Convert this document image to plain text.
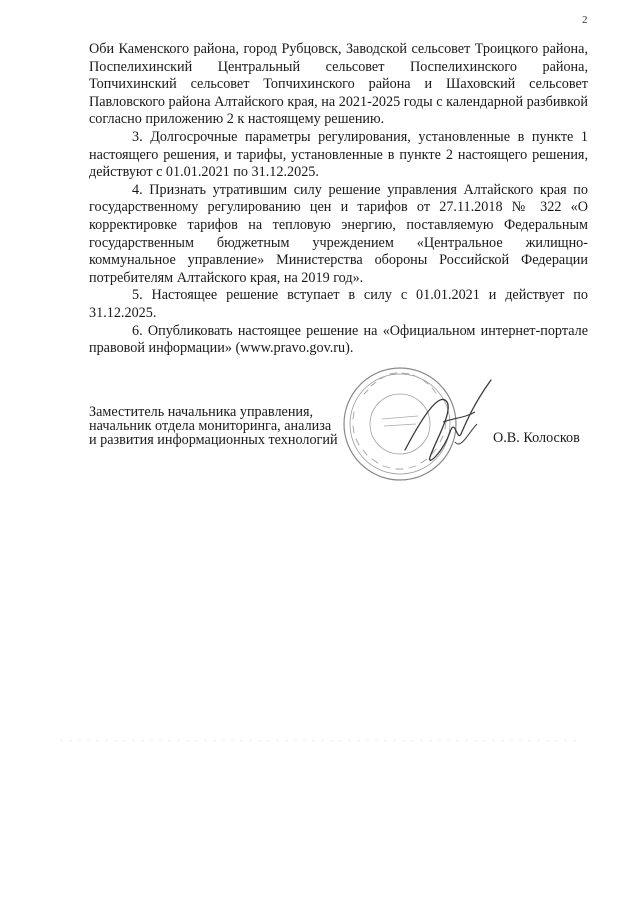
2

Оби Каменского района, город Рубцовск, Заводской сельсовет Троицкого района, Поспелихинский Центральный сельсовет Поспелихинского района, Топчихинский сельсовет Топчихинского района и Шаховский сельсовет Павловского района Алтайского края, на 2021-2025 годы с календарной разбивкой согласно приложению 2 к настоящему решению.

3. Долгосрочные параметры регулирования, установленные в пункте 1 настоящего решения, и тарифы, установленные в пункте 2 настоящего решения, действуют с 01.01.2021 по 31.12.2025.

4. Признать утратившим силу решение управления Алтайского края по государственному регулированию цен и тарифов от 27.11.2018 № 322 «О корректировке тарифов на тепловую энергию, поставляемую Федеральным государственным бюджетным учреждением «Центральное жилищно-коммунальное управление» Министерства обороны Российской Федерации потребителям Алтайского края, на 2019 год».

5. Настоящее решение вступает в силу с 01.01.2021 и действует по 31.12.2025.

6. Опубликовать настоящее решение на «Официальном интернет-портале правовой информации» (www.pravo.gov.ru).

Заместитель начальника управления,
начальник отдела мониторинга, анализа
и развития информационных технологий	О.В. Колосков
